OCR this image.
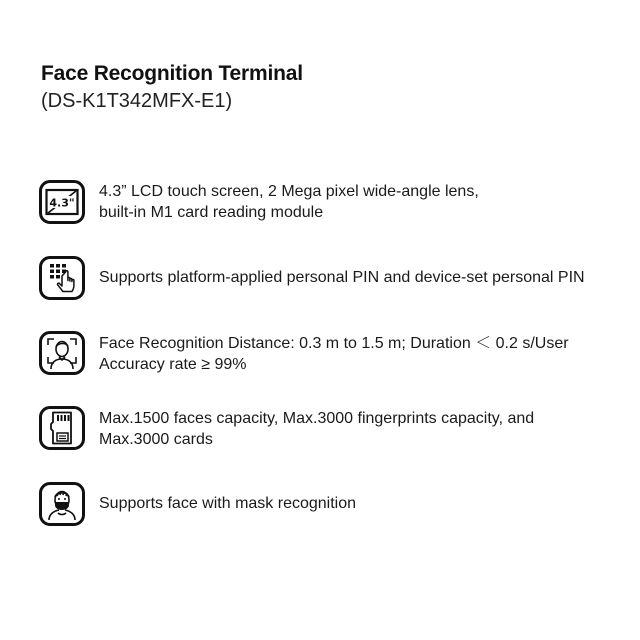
Face Recognition Terminal
(DS-K1T342MFX-E1)
4.3"
4.3” LCD touch screen, 2 Mega pixel wide-angle lens,
built-in M1 card reading module
Supports platform-applied personal PIN and device-set personal PIN
Face Recognition Distance: 0.3 m to 1.5 m; Duration ＜ 0.2 s/User
Accuracy rate ≥ 99%
Max.1500 faces capacity, Max.3000 fingerprints capacity, and
Max.3000 cards
Supports face with mask recognition
